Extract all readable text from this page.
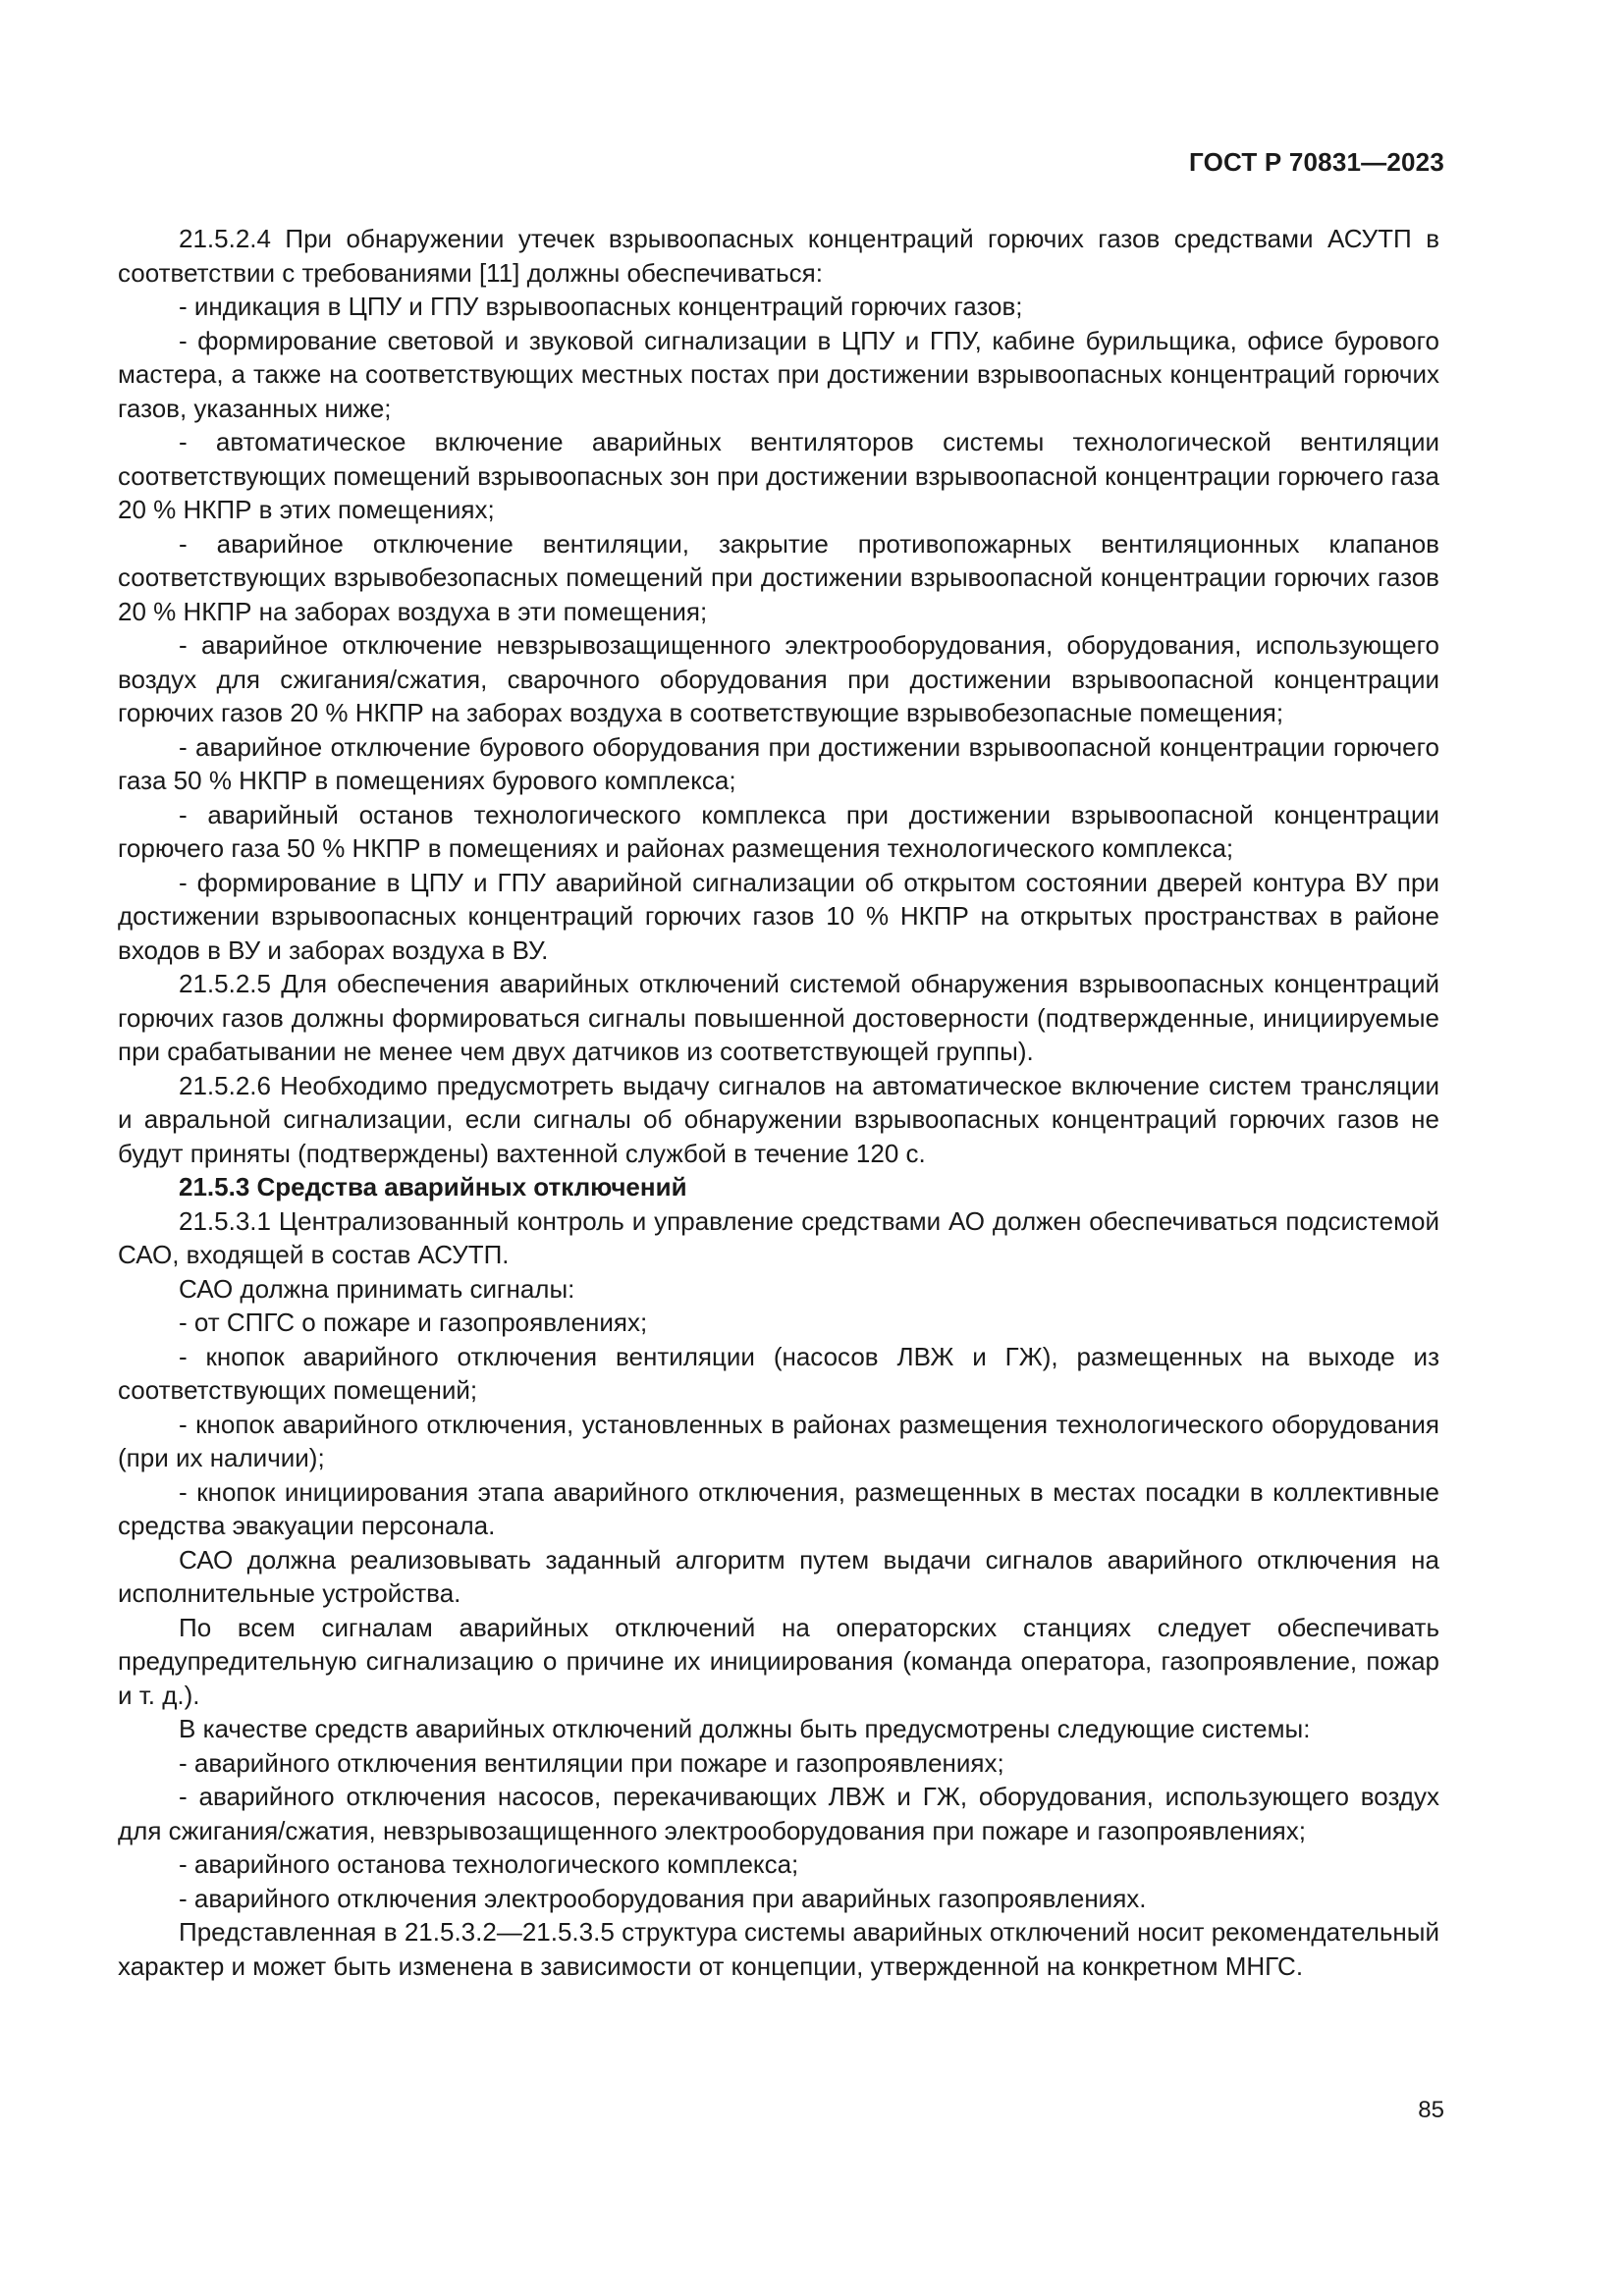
ГОСТ Р 70831—2023

21.5.2.4 При обнаружении утечек взрывоопасных концентраций горючих газов средствами АСУТП в соответствии с требованиями [11] должны обеспечиваться:

- индикация в ЦПУ и ГПУ взрывоопасных концентраций горючих газов;

- формирование световой и звуковой сигнализации в ЦПУ и ГПУ, кабине бурильщика, офисе бурового мастера, а также на соответствующих местных постах при достижении взрывоопасных концентраций горючих газов, указанных ниже;

- автоматическое включение аварийных вентиляторов системы технологической вентиляции соответствующих помещений взрывоопасных зон при достижении взрывоопасной концентрации горючего газа 20 % НКПР в этих помещениях;

- аварийное отключение вентиляции, закрытие противопожарных вентиляционных клапанов соответствующих взрывобезопасных помещений при достижении взрывоопасной концентрации горючих газов 20 % НКПР на заборах воздуха в эти помещения;

- аварийное отключение невзрывозащищенного электрооборудования, оборудования, использующего воздух для сжигания/сжатия, сварочного оборудования при достижении взрывоопасной концентрации горючих газов 20 % НКПР на заборах воздуха в соответствующие взрывобезопасные помещения;

- аварийное отключение бурового оборудования при достижении взрывоопасной концентрации горючего газа 50 % НКПР в помещениях бурового комплекса;

- аварийный останов технологического комплекса при достижении взрывоопасной концентрации горючего газа 50 % НКПР в помещениях и районах размещения технологического комплекса;

- формирование в ЦПУ и ГПУ аварийной сигнализации об открытом состоянии дверей контура ВУ при достижении взрывоопасных концентраций горючих газов 10 % НКПР на открытых пространствах в районе входов в ВУ и заборах воздуха в ВУ.

21.5.2.5 Для обеспечения аварийных отключений системой обнаружения взрывоопасных концентраций горючих газов должны формироваться сигналы повышенной достоверности (подтвержденные, инициируемые при срабатывании не менее чем двух датчиков из соответствующей группы).

21.5.2.6 Необходимо предусмотреть выдачу сигналов на автоматическое включение систем трансляции и авральной сигнализации, если сигналы об обнаружении взрывоопасных концентраций горючих газов не будут приняты (подтверждены) вахтенной службой в течение 120 с.

21.5.3 Средства аварийных отключений

21.5.3.1 Централизованный контроль и управление средствами АО должен обеспечиваться подсистемой САО, входящей в состав АСУТП.

САО должна принимать сигналы:

- от СПГС о пожаре и газопроявлениях;

- кнопок аварийного отключения вентиляции (насосов ЛВЖ и ГЖ), размещенных на выходе из соответствующих помещений;

- кнопок аварийного отключения, установленных в районах размещения технологического оборудования (при их наличии);

- кнопок инициирования этапа аварийного отключения, размещенных в местах посадки в коллективные средства эвакуации персонала.

САО должна реализовывать заданный алгоритм путем выдачи сигналов аварийного отключения на исполнительные устройства.

По всем сигналам аварийных отключений на операторских станциях следует обеспечивать предупредительную сигнализацию о причине их инициирования (команда оператора, газопроявление, пожар и т. д.).

В качестве средств аварийных отключений должны быть предусмотрены следующие системы:

- аварийного отключения вентиляции при пожаре и газопроявлениях;

- аварийного отключения насосов, перекачивающих ЛВЖ и ГЖ, оборудования, использующего воздух для сжигания/сжатия, невзрывозащищенного электрооборудования при пожаре и газопроявлениях;

- аварийного останова технологического комплекса;

- аварийного отключения электрооборудования при аварийных газопроявлениях.

Представленная в 21.5.3.2—21.5.3.5 структура системы аварийных отключений носит рекомендательный характер и может быть изменена в зависимости от концепции, утвержденной на конкретном МНГС.

85
